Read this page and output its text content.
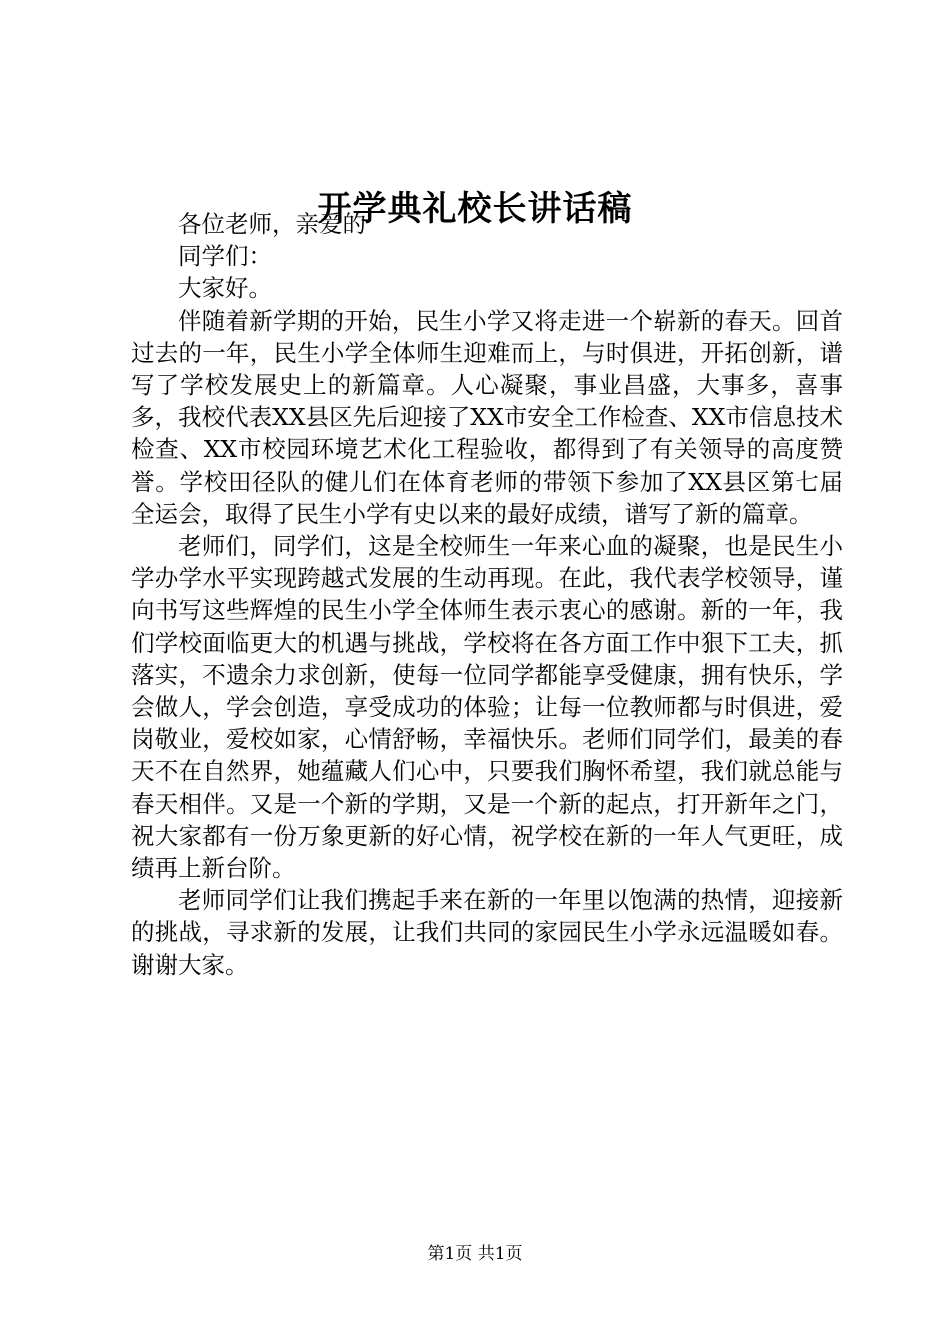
开学典礼校长讲话稿

各位老师，亲爱的

同学们：

大家好。

伴随着新学期的开始，民生小学又将走进一个崭新的春天。回首过去的一年，民生小学全体师生迎难而上，与时俱进，开拓创新，谱写了学校发展史上的新篇章。人心凝聚，事业昌盛，大事多，喜事多，我校代表XX县区先后迎接了XX市安全工作检查、XX市信息技术检查、XX市校园环境艺术化工程验收，都得到了有关领导的高度赞誉。学校田径队的健儿们在体育老师的带领下参加了XX县区第七届全运会，取得了民生小学有史以来的最好成绩，谱写了新的篇章。

老师们，同学们，这是全校师生一年来心血的凝聚，也是民生小学办学水平实现跨越式发展的生动再现。在此，我代表学校领导，谨向书写这些辉煌的民生小学全体师生表示衷心的感谢。新的一年，我们学校面临更大的机遇与挑战，学校将在各方面工作中狠下工夫，抓落实，不遗余力求创新，使每一位同学都能享受健康，拥有快乐，学会做人，学会创造，享受成功的体验；让每一位教师都与时俱进，爱岗敬业，爱校如家，心情舒畅，幸福快乐。老师们同学们，最美的春天不在自然界，她蕴藏人们心中，只要我们胸怀希望，我们就总能与春天相伴。又是一个新的学期，又是一个新的起点，打开新年之门，祝大家都有一份万象更新的好心情，祝学校在新的一年人气更旺，成绩再上新台阶。

老师同学们让我们携起手来在新的一年里以饱满的热情，迎接新的挑战，寻求新的发展，让我们共同的家园民生小学永远温暖如春。谢谢大家。

第1页 共1页
